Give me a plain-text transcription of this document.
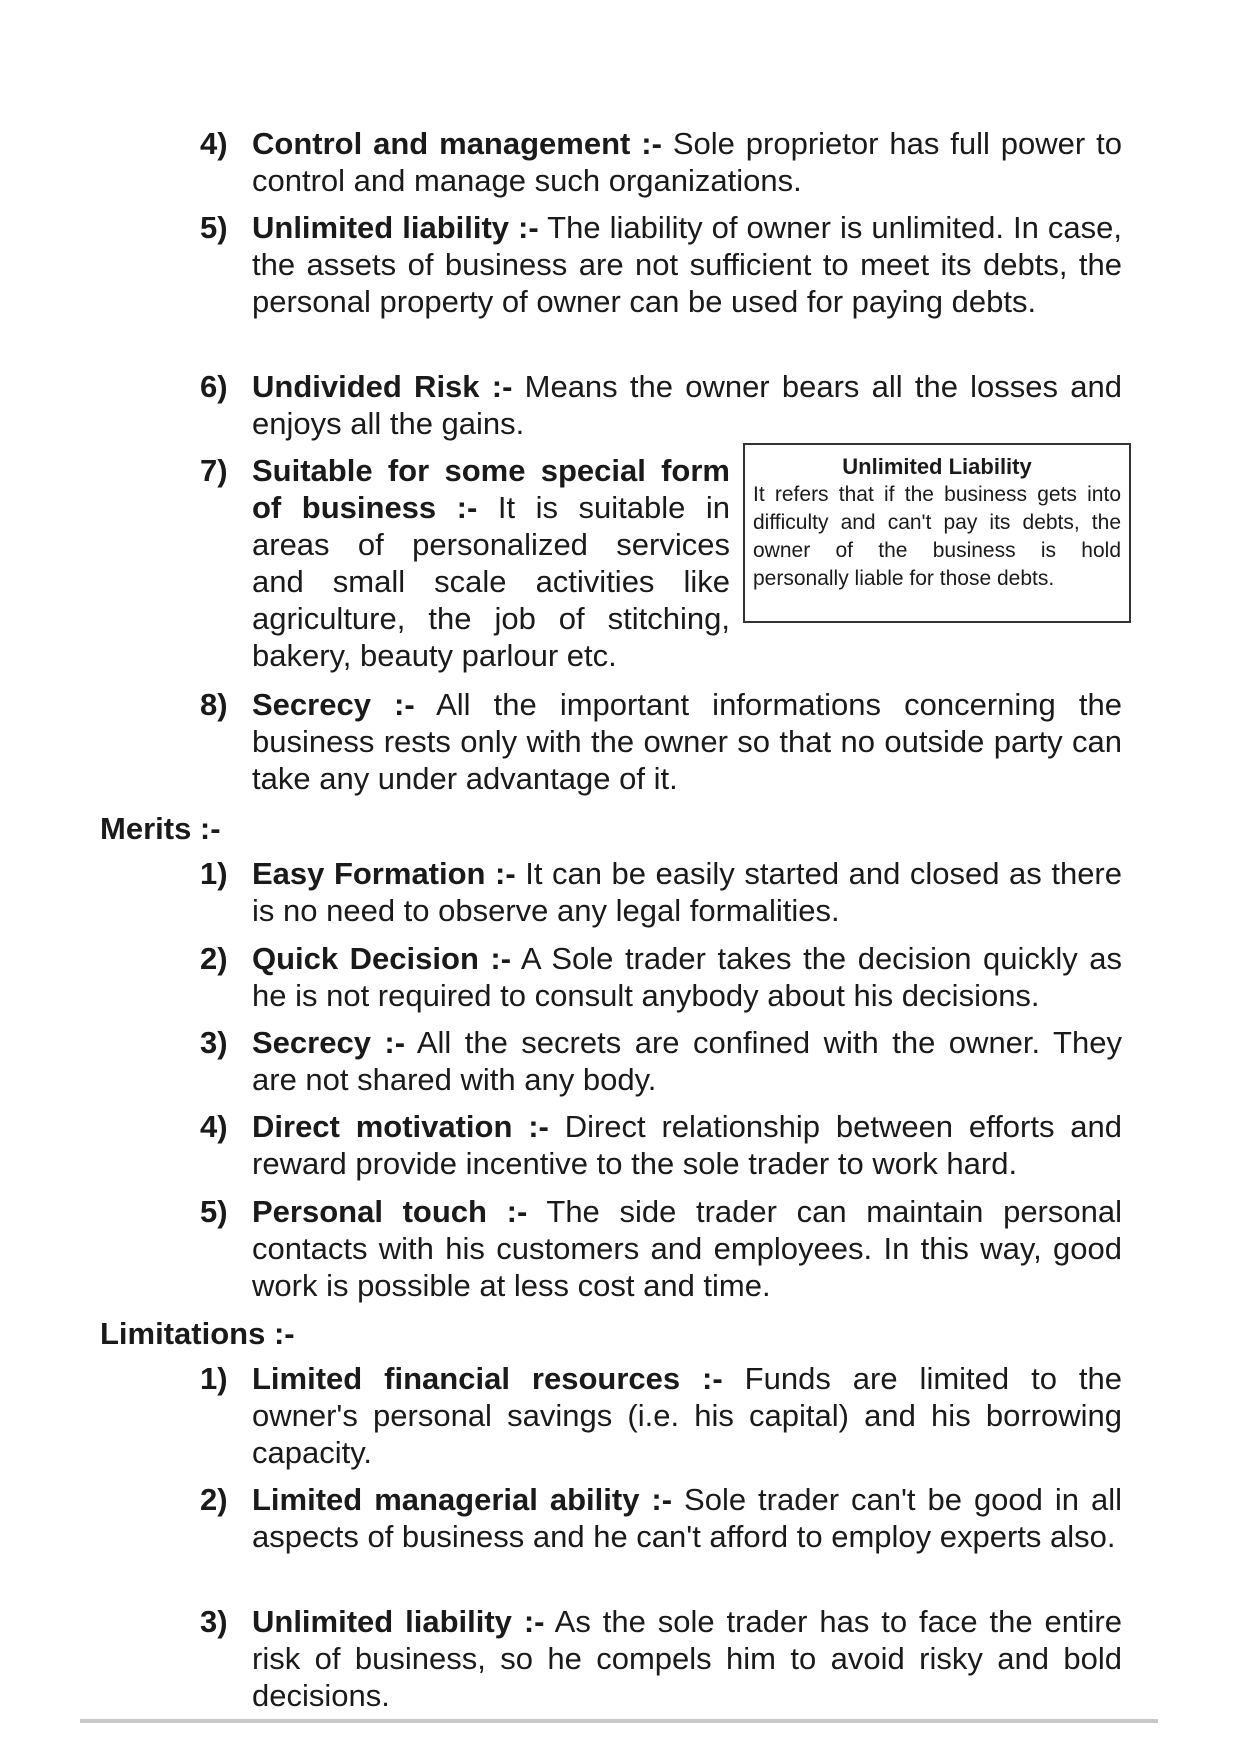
4) Control and management :- Sole proprietor has full power to control and manage such organizations.
5) Unlimited liability :- The liability of owner is unlimited. In case, the assets of business are not sufficient to meet its debts, the personal property of owner can be used for paying debts.
6) Undivided Risk :- Means the owner bears all the losses and enjoys all the gains.
7) Suitable for some special form of business :- It is suitable in areas of personalized services and small scale activities like agriculture, the job of stitching, bakery, beauty parlour etc.
Unlimited Liability
It refers that if the business gets into difficulty and can't pay its debts, the owner of the business is hold personally liable for those debts.
8) Secrecy :- All the important informations concerning the business rests only with the owner so that no outside party can take any under advantage of it.
Merits :-
1) Easy Formation :- It can be easily started and closed as there is no need to observe any legal formalities.
2) Quick Decision :- A Sole trader takes the decision quickly as he is not required to consult anybody about his decisions.
3) Secrecy :- All the secrets are confined with the owner. They are not shared with any body.
4) Direct motivation :- Direct relationship between efforts and reward provide incentive to the sole trader to work hard.
5) Personal touch :- The side trader can maintain personal contacts with his customers and employees. In this way, good work is possible at less cost and time.
Limitations :-
1) Limited financial resources :- Funds are limited to the owner's personal savings (i.e. his capital) and his borrowing capacity.
2) Limited managerial ability :- Sole trader can't be good in all aspects of business and he can't afford to employ experts also.
3) Unlimited liability :- As the sole trader has to face the entire risk of business, so he compels him to avoid risky and bold decisions.
